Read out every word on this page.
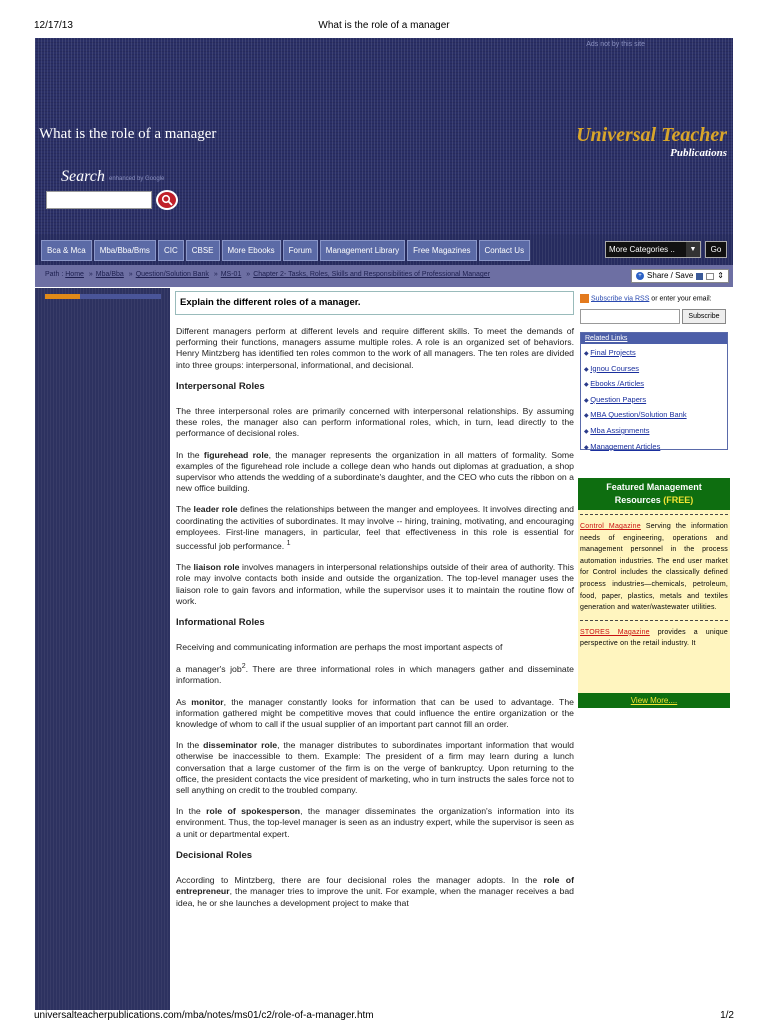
12/17/13	What is the role of a manager
Ads not by this site
What is the role of a manager	Universal Teacher
Publications
Search enhanced by Google
Bca & Mca	Mba/Bba/Bms	CIC	CBSE	More Ebooks	Forum	Management Library	Free Magazines	Contact Us	More Categories ..	▼	Go
Path : Home » Mba/Bba » Question/Solution Bank » MS-01 » Chapter 2- Tasks, Roles, Skills and Responsibilities of Professional Manager	+ Share / Save	⇕
Explain the different roles of a manager.

Different managers perform at different levels and require different skills. To meet the demands of performing their functions, managers assume multiple roles. A role is an organized set of behaviors. Henry Mintzberg has identified ten roles common to the work of all managers. The ten roles are divided into three groups: interpersonal, informational, and decisional.

Interpersonal Roles

The three interpersonal roles are primarily concerned with interpersonal relationships. By assuming these roles, the manager also can perform informational roles, which, in turn, lead directly to the performance of decisional roles.

In the figurehead role, the manager represents the organization in all matters of formality. Some examples of the figurehead role include a college dean who hands out diplomas at graduation, a shop supervisor who attends the wedding of a subordinate's daughter, and the CEO who cuts the ribbon on a new office building.

The leader role defines the relationships between the manger and employees. It involves directing and coordinating the activities of subordinates. It may involve -- hiring, training, motivating, and encouraging employees. First-line managers, in particular, feel that effectiveness in this role is essential for successful job performance. $^1$

The liaison role involves managers in interpersonal relationships outside of their area of authority. This role may involve contacts both inside and outside the organization. The top-level manager uses the liaison role to gain favors and information, while the supervisor uses it to maintain the routine flow of work.

Informational Roles

Receiving and communicating information are perhaps the most important aspects of

a manager's job$^2$. There are three informational roles in which managers gather and disseminate information.

As monitor, the manager constantly looks for information that can be used to advantage. The information gathered might be competitive moves that could influence the entire organization or the knowledge of whom to call if the usual supplier of an important part cannot fill an order.

In the disseminator role, the manager distributes to subordinates important information that would otherwise be inaccessible to them. Example: The president of a firm may learn during a lunch conversation that a large customer of the firm is on the verge of bankruptcy. Upon returning to the office, the president contacts the vice president of marketing, who in turn instructs the sales force not to sell anything on credit to the troubled company.

In the role of spokesperson, the manager disseminates the organization's information into its environment. Thus, the top-level manager is seen as an industry expert, while the supervisor is seen as a unit or departmental expert.

Decisional Roles

According to Mintzberg, there are four decisional roles the manager adopts. In the role of entrepreneur, the manager tries to improve the unit. For example, when the manager receives a bad idea, he or she launches a development project to make that

Subscribe via RSS or enter your email:
Subscribe
Related Links
◆ Final Projects
◆ Ignou Courses
◆ Ebooks /Articles
◆ Question Papers
◆ MBA Question/Solution Bank
◆ Mba Assignments
◆ Management Articles
Featured Management
Resources (FREE)
Control Magazine Serving the information needs of engineering, operations and management personnel in the process automation industries. The end user market for Control includes the classically defined process industries—chemicals, petroleum, food, paper, plastics, metals and textiles generation and water/wastewater utilities.
STORES Magazine provides a unique perspective on the retail industry. It
View More....
universalteacherpublications.com/mba/notes/ms01/c2/role-of-a-manager.htm	1/2
